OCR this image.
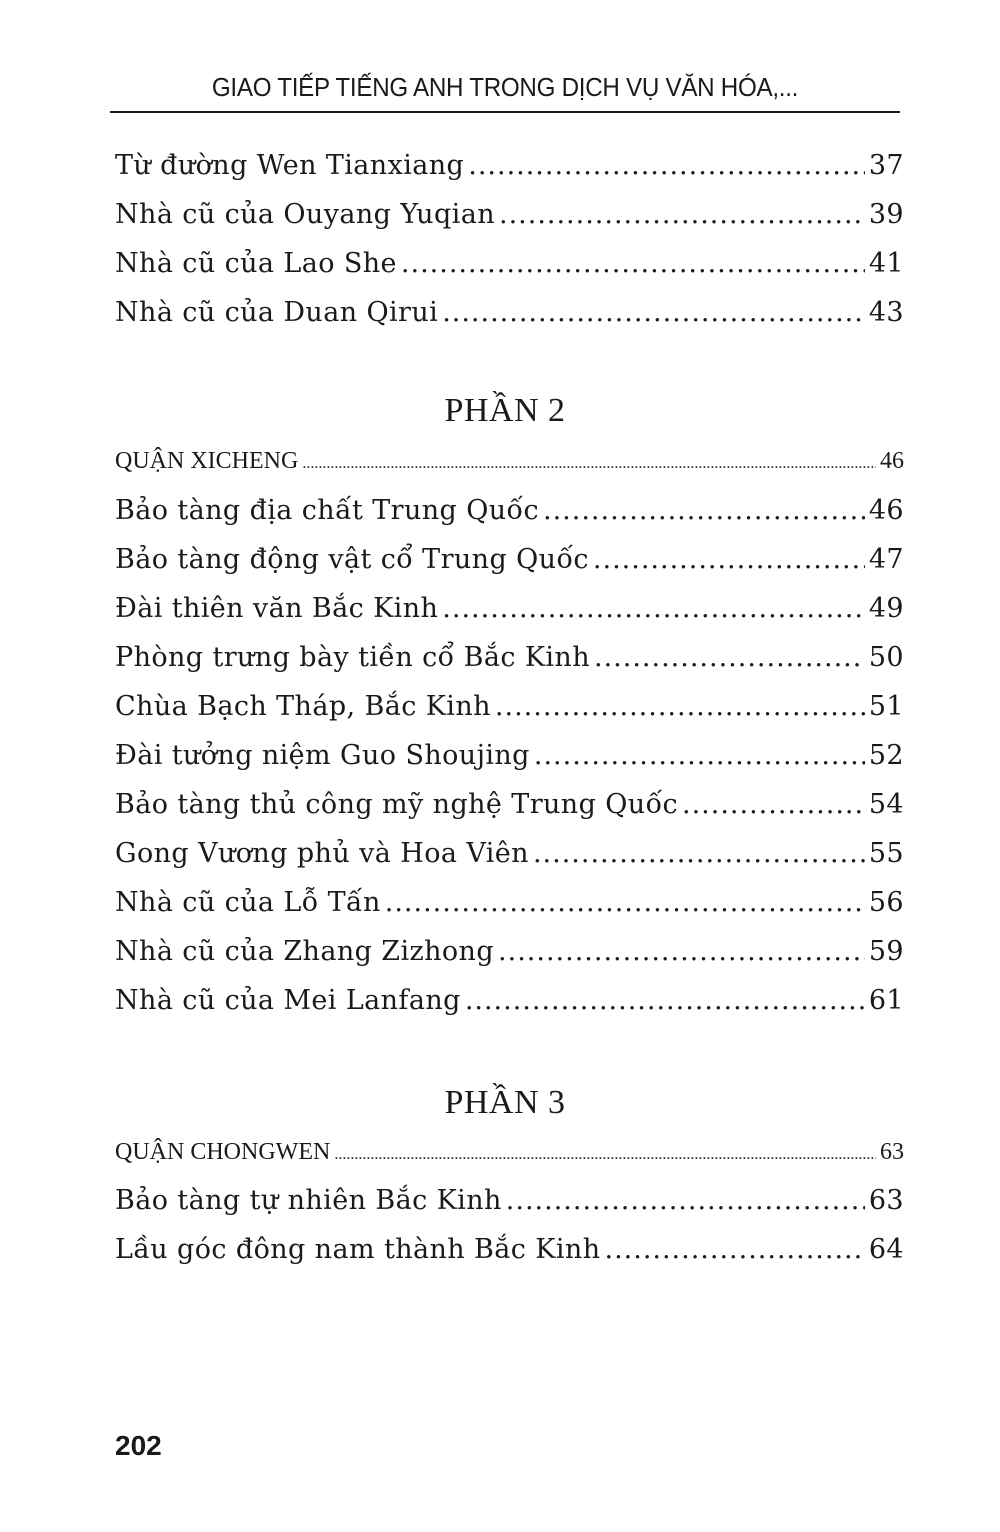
GIAO TIẾP TIẾNG ANH TRONG DỊCH VỤ VĂN HÓA,...
Từ đường Wen Tianxiang .....	37
Nhà cũ của Ouyang Yuqian .....	39
Nhà cũ của Lao She .....	41
Nhà cũ của Duan Qirui .....	43
PHẦN 2
QUẬN XICHENG .....	46
Bảo tàng địa chất Trung Quốc .....	46
Bảo tàng động vật cổ Trung Quốc .....	47
Đài thiên văn Bắc Kinh .....	49
Phòng trưng bày tiền cổ Bắc Kinh .....	50
Chùa Bạch Tháp, Bắc Kinh .....	51
Đài tưởng niệm Guo Shoujing .....	52
Bảo tàng thủ công mỹ nghệ Trung Quốc .....	54
Gong Vương phủ và Hoa Viên .....	55
Nhà cũ của Lỗ Tấn .....	56
Nhà cũ của Zhang Zizhong .....	59
Nhà cũ của Mei Lanfang .....	61
PHẦN 3
QUẬN CHONGWEN .....	63
Bảo tàng tự nhiên Bắc Kinh .....	63
Lầu góc đông nam thành Bắc Kinh .....	64
202
